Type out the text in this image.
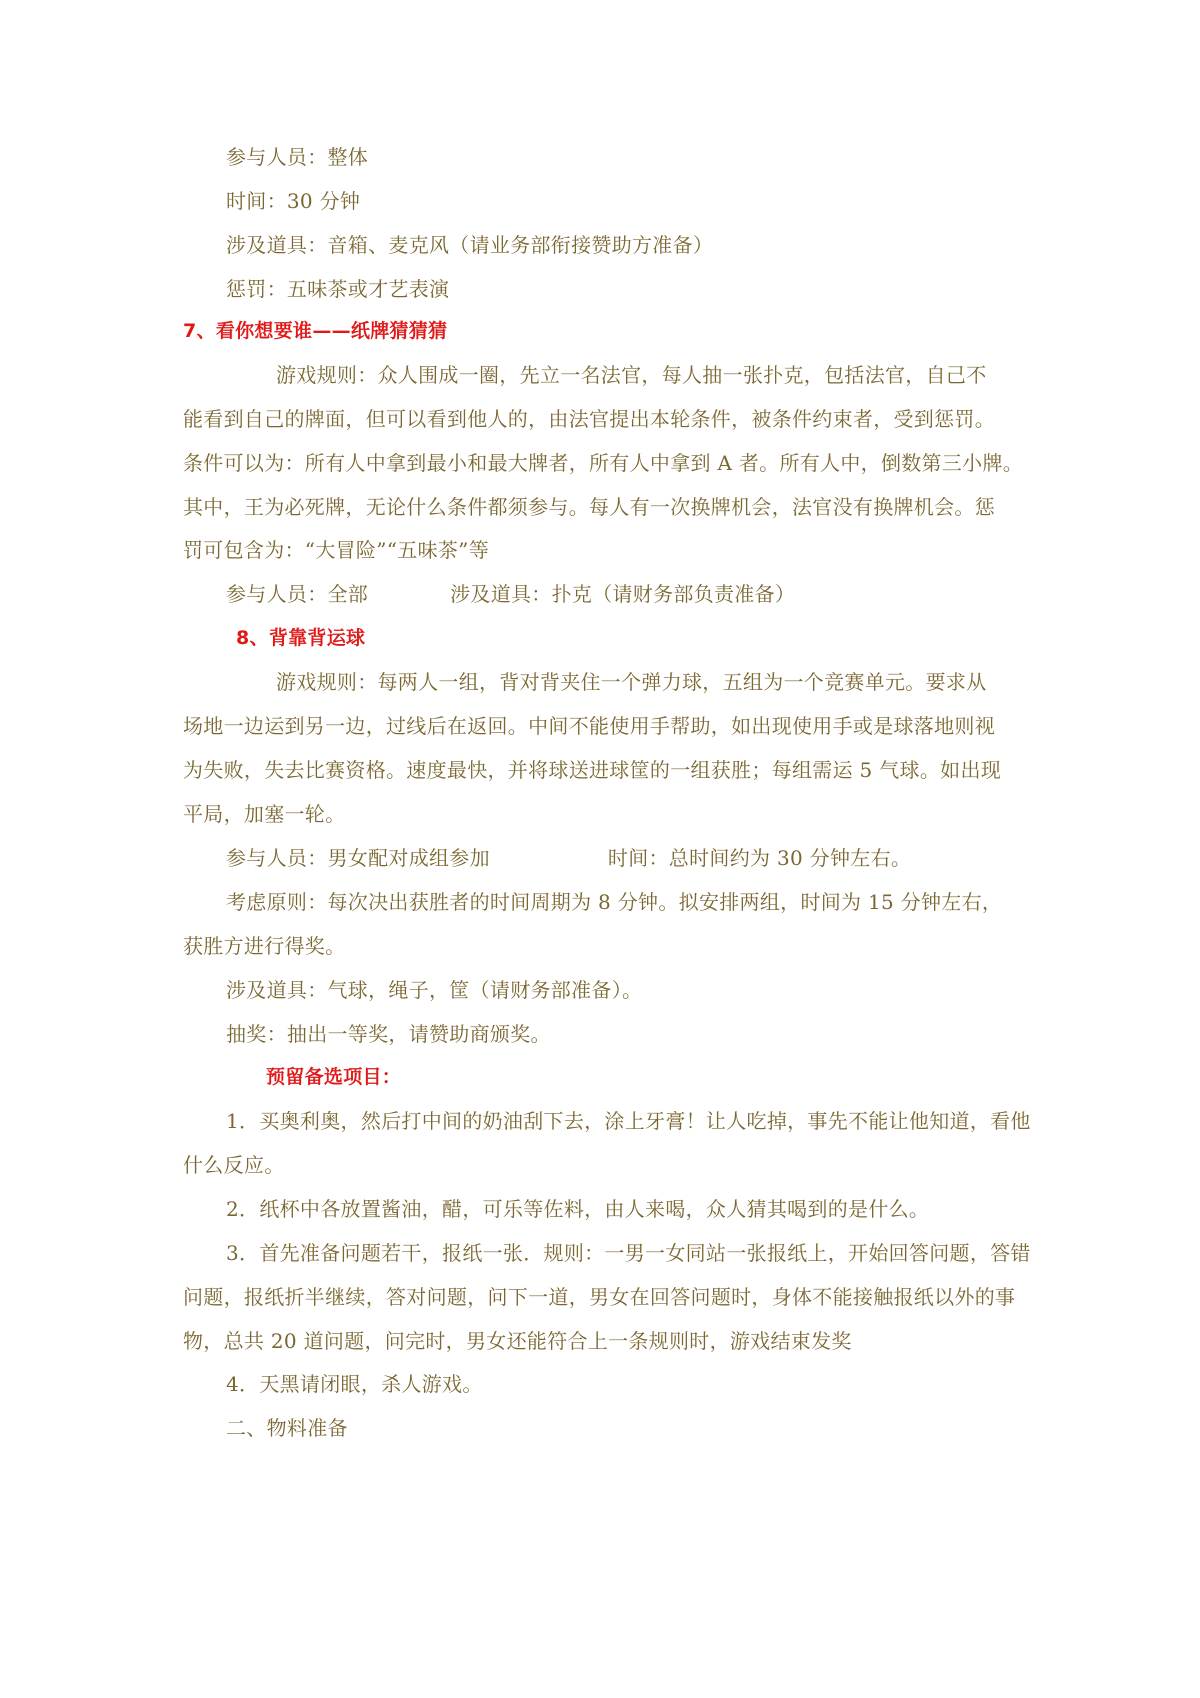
参与人员：整体
时间：30 分钟
涉及道具：音箱、麦克风（请业务部衔接赞助方准备）
惩罚：五味茶或才艺表演
7、看你想要谁——纸牌猜猜猜
游戏规则：众人围成一圈，先立一名法官，每人抽一张扑克，包括法官，自己不
能看到自己的牌面，但可以看到他人的，由法官提出本轮条件，被条件约束者，受到惩罚。
条件可以为：所有人中拿到最小和最大牌者，所有人中拿到 A 者。所有人中，倒数第三小牌。
其中，王为必死牌，无论什么条件都须参与。每人有一次换牌机会，法官没有换牌机会。惩
罚可包含为：“大冒险”“五味茶”等
参与人员：全部	涉及道具：扑克（请财务部负责准备）
8、背靠背运球
游戏规则：每两人一组，背对背夹住一个弹力球，五组为一个竞赛单元。要求从
场地一边运到另一边，过线后在返回。中间不能使用手帮助，如出现使用手或是球落地则视
为失败，失去比赛资格。速度最快，并将球送进球筐的一组获胜；每组需运 5 气球。如出现
平局，加塞一轮。
参与人员：男女配对成组参加	时间：总时间约为 30 分钟左右。
考虑原则：每次决出获胜者的时间周期为 8 分钟。拟安排两组，时间为 15 分钟左右，
获胜方进行得奖。
涉及道具：气球，绳子，筐（请财务部准备）。
抽奖：抽出一等奖，请赞助商颁奖。
预留备选项目：
1．买奥利奥，然后打中间的奶油刮下去，涂上牙膏！让人吃掉，事先不能让他知道，看他
什么反应。
2．纸杯中各放置酱油，醋，可乐等佐料，由人来喝，众人猜其喝到的是什么。
3．首先准备问题若干，报纸一张．规则：一男一女同站一张报纸上，开始回答问题，答错
问题，报纸折半继续，答对问题，问下一道，男女在回答问题时，身体不能接触报纸以外的事
物，总共 20 道问题，问完时，男女还能符合上一条规则时，游戏结束发奖
4．天黑请闭眼，杀人游戏。
二、物料准备
